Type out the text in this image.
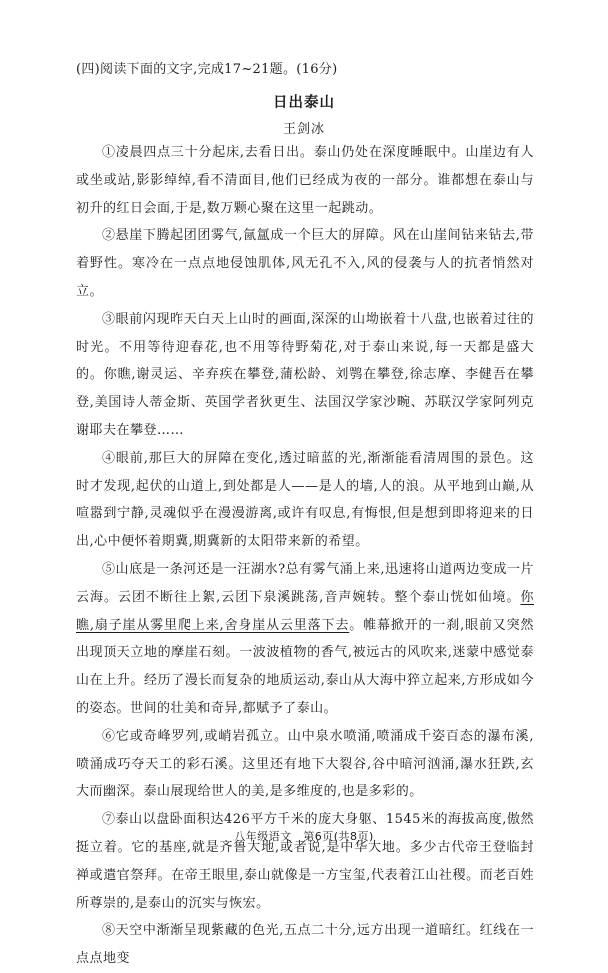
(四)阅读下面的文字,完成17~21题。(16分)
日出泰山
王剑冰

①凌晨四点三十分起床,去看日出。泰山仍处在深度睡眠中。山崖边有人或坐或站,影影绰绰,看不清面目,他们已经成为夜的一部分。谁都想在泰山与初升的红日会面,于是,数万颗心聚在这里一起跳动。

②悬崖下腾起团团雾气,氤氲成一个巨大的屏障。风在山崖间钻来钻去,带着野性。寒冷在一点点地侵蚀肌体,风无孔不入,风的侵袭与人的抗者悄然对立。

③眼前闪现昨天白天上山时的画面,深深的山坳嵌着十八盘,也嵌着过往的时光。不用等待迎春花,也不用等待野菊花,对于泰山来说,每一天都是盛大的。你瞧,谢灵运、辛弃疾在攀登,蒲松龄、刘鹗在攀登,徐志摩、李健吾在攀登,美国诗人蒂金斯、英国学者狄更生、法国汉学家沙畹、苏联汉学家阿列克谢耶夫在攀登……

④眼前,那巨大的屏障在变化,透过暗蓝的光,渐渐能看清周围的景色。这时才发现,起伏的山道上,到处都是人——是人的墙,人的浪。从平地到山巅,从喧嚣到宁静,灵魂似乎在漫漫游离,或许有叹息,有悔恨,但是想到即将迎来的日出,心中便怀着期冀,期冀新的太阳带来新的希望。

⑤山底是一条河还是一汪湖水?总有雾气涌上来,迅速将山道两边变成一片云海。云团不断往上絮,云团下泉溪跳荡,音声婉转。整个泰山恍如仙境。你瞧,扇子崖从雾里爬上来,舍身崖从云里落下去。帷幕掀开的一刹,眼前又突然出现顶天立地的摩崖石刻。一波波植物的香气,被远古的风吹来,迷蒙中感觉泰山在上升。经历了漫长而复杂的地质运动,泰山从大海中猝立起来,方形成如今的姿态。世间的壮美和奇异,都赋予了泰山。

⑥它或奇峰罗列,或峭岩孤立。山中泉水喷涌,喷涌成千姿百态的瀑布溪,喷涌成巧夺天工的彩石溪。这里还有地下大裂谷,谷中暗河汹涌,瀑水狂跌,玄大而幽深。泰山展现给世人的美,是多维度的,也是多彩的。

⑦泰山以盘卧面积达426平方千米的庞大身躯、1545米的海拔高度,傲然挺立着。它的基座,就是齐鲁大地,或者说,是中华大地。多少古代帝王登临封禅或遣官祭拜。在帝王眼里,泰山就像是一方宝玺,代表着江山社稷。而老百姓所尊崇的,是泰山的沉实与恢宏。

⑧天空中渐渐呈现紫藏的色光,五点二十分,远方出现一道暗红。红线在一点点地变

八年级语文　第6页(共8页)
